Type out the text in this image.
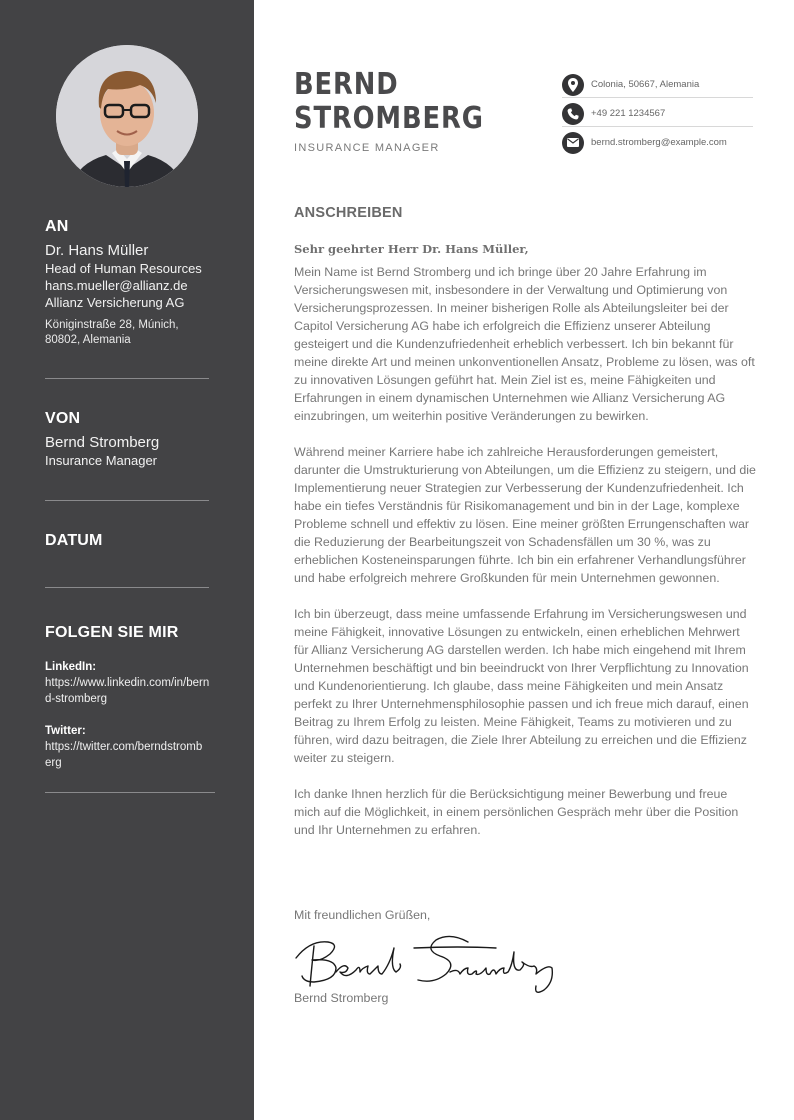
AN
Dr. Hans Müller
Head of Human Resources
hans.mueller@allianz.de
Allianz Versicherung AG
Königinstraße 28, Múnich, 80802, Alemania
VON
Bernd Stromberg
Insurance Manager
DATUM
FOLGEN SIE MIR
LinkedIn:
https://www.linkedin.com/in/bernd-stromberg
Twitter:
https://twitter.com/berndstromberg
BERND
STROMBERG
INSURANCE MANAGER
Colonia, 50667, Alemania
+49 221 1234567
bernd.stromberg@example.com
ANSCHREIBEN
Sehr geehrter Herr Dr. Hans Müller,

Mein Name ist Bernd Stromberg und ich bringe über 20 Jahre Erfahrung im Versicherungswesen mit, insbesondere in der Verwaltung und Optimierung von Versicherungsprozessen. In meiner bisherigen Rolle als Abteilungsleiter bei der Capitol Versicherung AG habe ich erfolgreich die Effizienz unserer Abteilung gesteigert und die Kundenzufriedenheit erheblich verbessert. Ich bin bekannt für meine direkte Art und meinen unkonventionellen Ansatz, Probleme zu lösen, was oft zu innovativen Lösungen geführt hat. Mein Ziel ist es, meine Fähigkeiten und Erfahrungen in einem dynamischen Unternehmen wie Allianz Versicherung AG einzubringen, um weiterhin positive Veränderungen zu bewirken.

Während meiner Karriere habe ich zahlreiche Herausforderungen gemeistert, darunter die Umstrukturierung von Abteilungen, um die Effizienz zu steigern, und die Implementierung neuer Strategien zur Verbesserung der Kundenzufriedenheit. Ich habe ein tiefes Verständnis für Risikomanagement und bin in der Lage, komplexe Probleme schnell und effektiv zu lösen. Eine meiner größten Errungenschaften war die Reduzierung der Bearbeitungszeit von Schadensfällen um 30 %, was zu erheblichen Kosteneinsparungen führte. Ich bin ein erfahrener Verhandlungsführer und habe erfolgreich mehrere Großkunden für mein Unternehmen gewonnen.

Ich bin überzeugt, dass meine umfassende Erfahrung im Versicherungswesen und meine Fähigkeit, innovative Lösungen zu entwickeln, einen erheblichen Mehrwert für Allianz Versicherung AG darstellen werden. Ich habe mich eingehend mit Ihrem Unternehmen beschäftigt und bin beeindruckt von Ihrer Verpflichtung zu Innovation und Kundenorientierung. Ich glaube, dass meine Fähigkeiten und mein Ansatz perfekt zu Ihrer Unternehmensphilosophie passen und ich freue mich darauf, einen Beitrag zu Ihrem Erfolg zu leisten. Meine Fähigkeit, Teams zu motivieren und zu führen, wird dazu beitragen, die Ziele Ihrer Abteilung zu erreichen und die Effizienz weiter zu steigern.

Ich danke Ihnen herzlich für die Berücksichtigung meiner Bewerbung und freue mich auf die Möglichkeit, in einem persönlichen Gespräch mehr über die Position und Ihr Unternehmen zu erfahren.

Mit freundlichen Grüßen,
Bernd Stromberg
